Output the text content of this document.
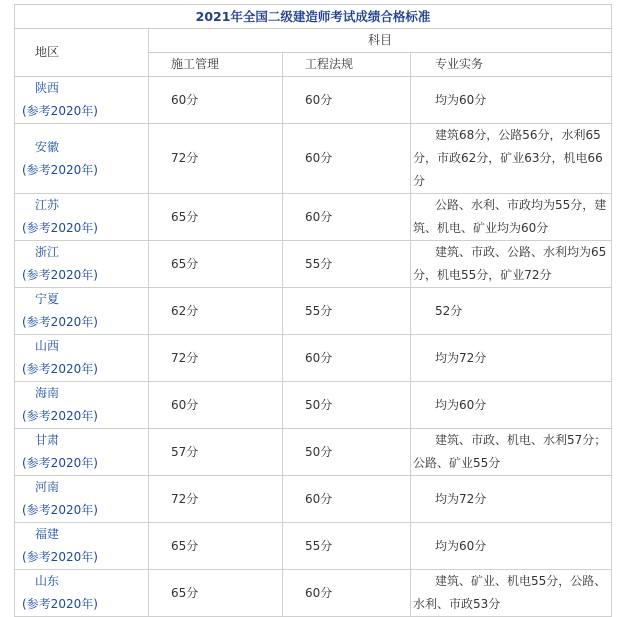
2021年全国二级建造师考试成绩合格标准			
地区	科目		
	施工管理	工程法规	专业实务

陕西
(参考2020年)	60分	60分	均为60分

安徽
(参考2020年)	72分	60分	建筑68分，公路56分，水利65分，市政62分，矿业63分，机电66分

江苏
(参考2020年)	65分	60分	公路、水利、市政均为55分，建筑、机电、矿业均为60分

浙江
(参考2020年)	65分	55分	建筑、市政、公路、水利均为65分，机电55分，矿业72分

宁夏
(参考2020年)	62分	55分	52分

山西
(参考2020年)	72分	60分	均为72分

海南
(参考2020年)	60分	50分	均为60分

甘肃
(参考2020年)	57分	50分	建筑、市政、机电、水利57分；公路、矿业55分

河南
(参考2020年)	72分	60分	均为72分

福建
(参考2020年)	65分	55分	均为60分

山东
(参考2020年)	65分	60分	建筑、矿业、机电55分，公路、水利、市政53分
